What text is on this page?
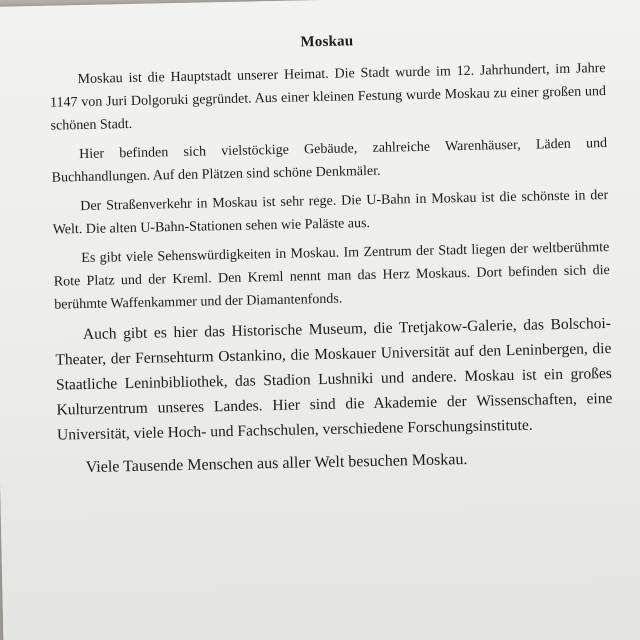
Moskau

Moskau ist die Hauptstadt unserer Heimat. Die Stadt wurde im 12. Jahrhundert, im Jahre 1147 von Juri Dolgoruki gegründet. Aus einer kleinen Festung wurde Moskau zu einer großen und schönen Stadt.

Hier befinden sich vielstöckige Gebäude, zahlreiche Warenhäuser, Läden und Buchhandlungen. Auf den Plätzen sind schöne Denkmäler.

Der Straßenverkehr in Moskau ist sehr rege. Die U-Bahn in Moskau ist die schönste in der Welt. Die alten U-Bahn-Stationen sehen wie Paläste aus.

Es gibt viele Sehenswürdigkeiten in Moskau. Im Zentrum der Stadt liegen der weltberühmte Rote Platz und der Kreml. Den Kreml nennt man das Herz Moskaus. Dort befinden sich die berühmte Waffenkammer und der Diamantenfonds.

Auch gibt es hier das Historische Museum, die Tretjakow-Galerie, das Bolschoi-Theater, der Fernsehturm Ostankino, die Moskauer Universität auf den Leninbergen, die Staatliche Leninbibliothek, das Stadion Lushniki und andere. Moskau ist ein großes Kulturzentrum unseres Landes. Hier sind die Akademie der Wissenschaften, eine Universität, viele Hoch- und Fachschulen, verschiedene Forschungsinstitute.

Viele Tausende Menschen aus aller Welt besuchen Moskau.
